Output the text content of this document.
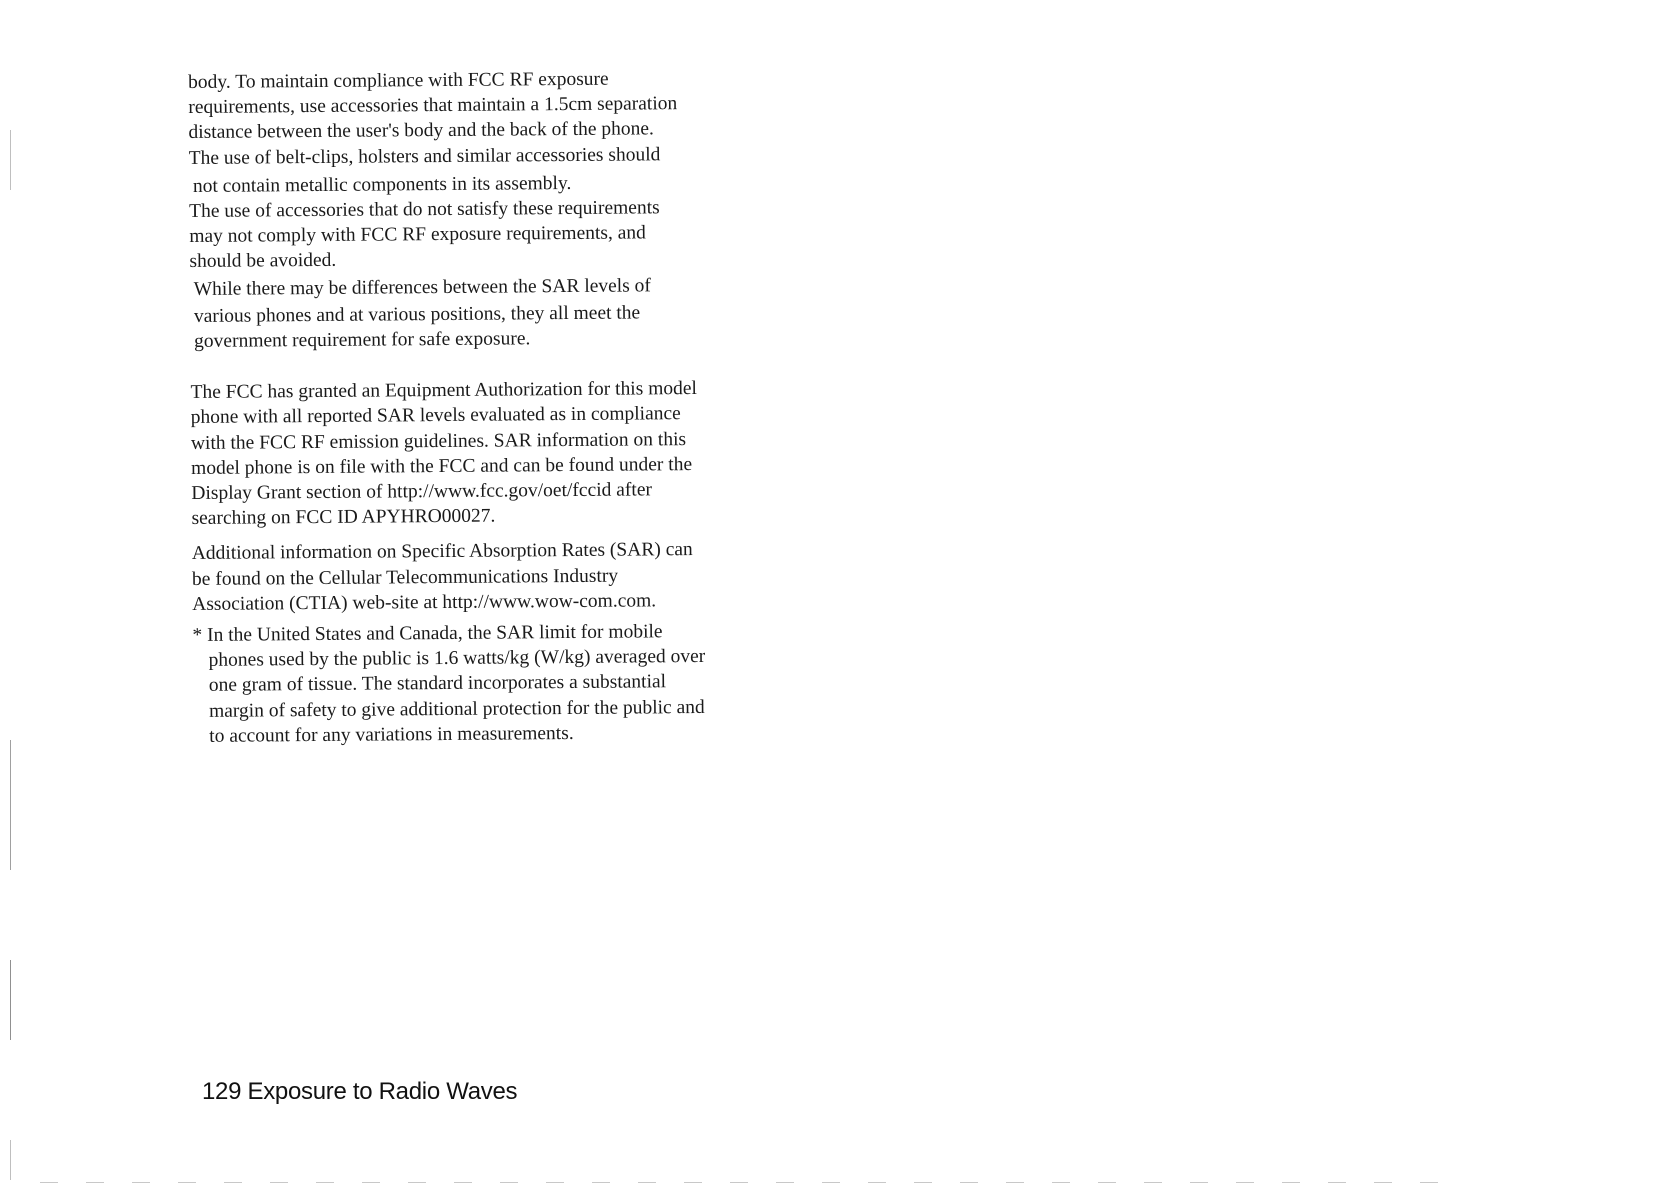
body. To maintain compliance with FCC RF exposure
requirements, use accessories that maintain a 1.5cm separation
distance between the user's body and the back of the phone.
The use of belt-clips, holsters and similar accessories should
not contain metallic components in its assembly.
The use of accessories that do not satisfy these requirements
may not comply with FCC RF exposure requirements, and
should be avoided.
While there may be differences between the SAR levels of
various phones and at various positions, they all meet the
government requirement for safe exposure.
The FCC has granted an Equipment Authorization for this model
phone with all reported SAR levels evaluated as in compliance
with the FCC RF emission guidelines. SAR information on this
model phone is on file with the FCC and can be found under the
Display Grant section of http://www.fcc.gov/oet/fccid after
searching on FCC ID APYHRO00027.
Additional information on Specific Absorption Rates (SAR) can
be found on the Cellular Telecommunications Industry
Association (CTIA) web-site at http://www.wow-com.com.
* In the United States and Canada, the SAR limit for mobile
phones used by the public is 1.6 watts/kg (W/kg) averaged over
one gram of tissue. The standard incorporates a substantial
margin of safety to give additional protection for the public and
to account for any variations in measurements.
129 Exposure to Radio Waves
